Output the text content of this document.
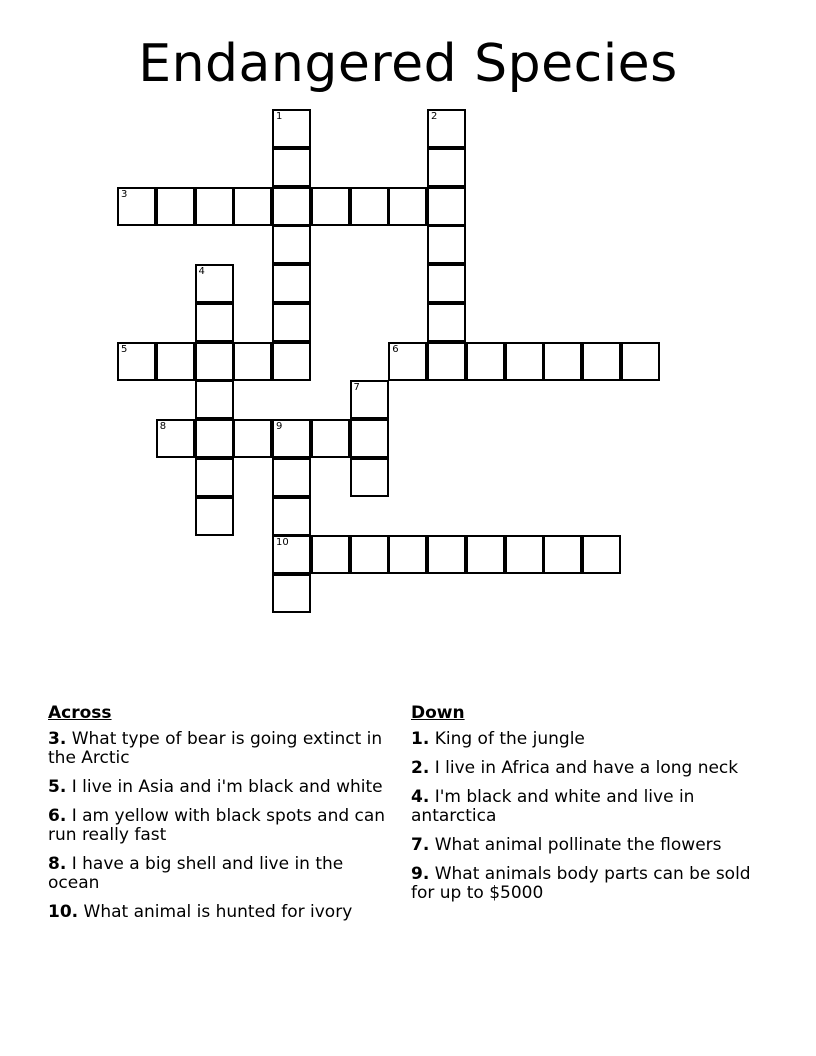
Endangered Species
1	2
3
4
5	6
7
8	9
10
Across
3. What type of bear is going extinct in the Arctic
5. I live in Asia and i'm black and white
6. I am yellow with black spots and can run really fast
8. I have a big shell and live in the ocean
10. What animal is hunted for ivory
Down
1. King of the jungle
2. I live in Africa and have a long neck
4. I'm black and white and live in antarctica
7. What animal pollinate the flowers
9. What animals body parts can be sold for up to $5000
